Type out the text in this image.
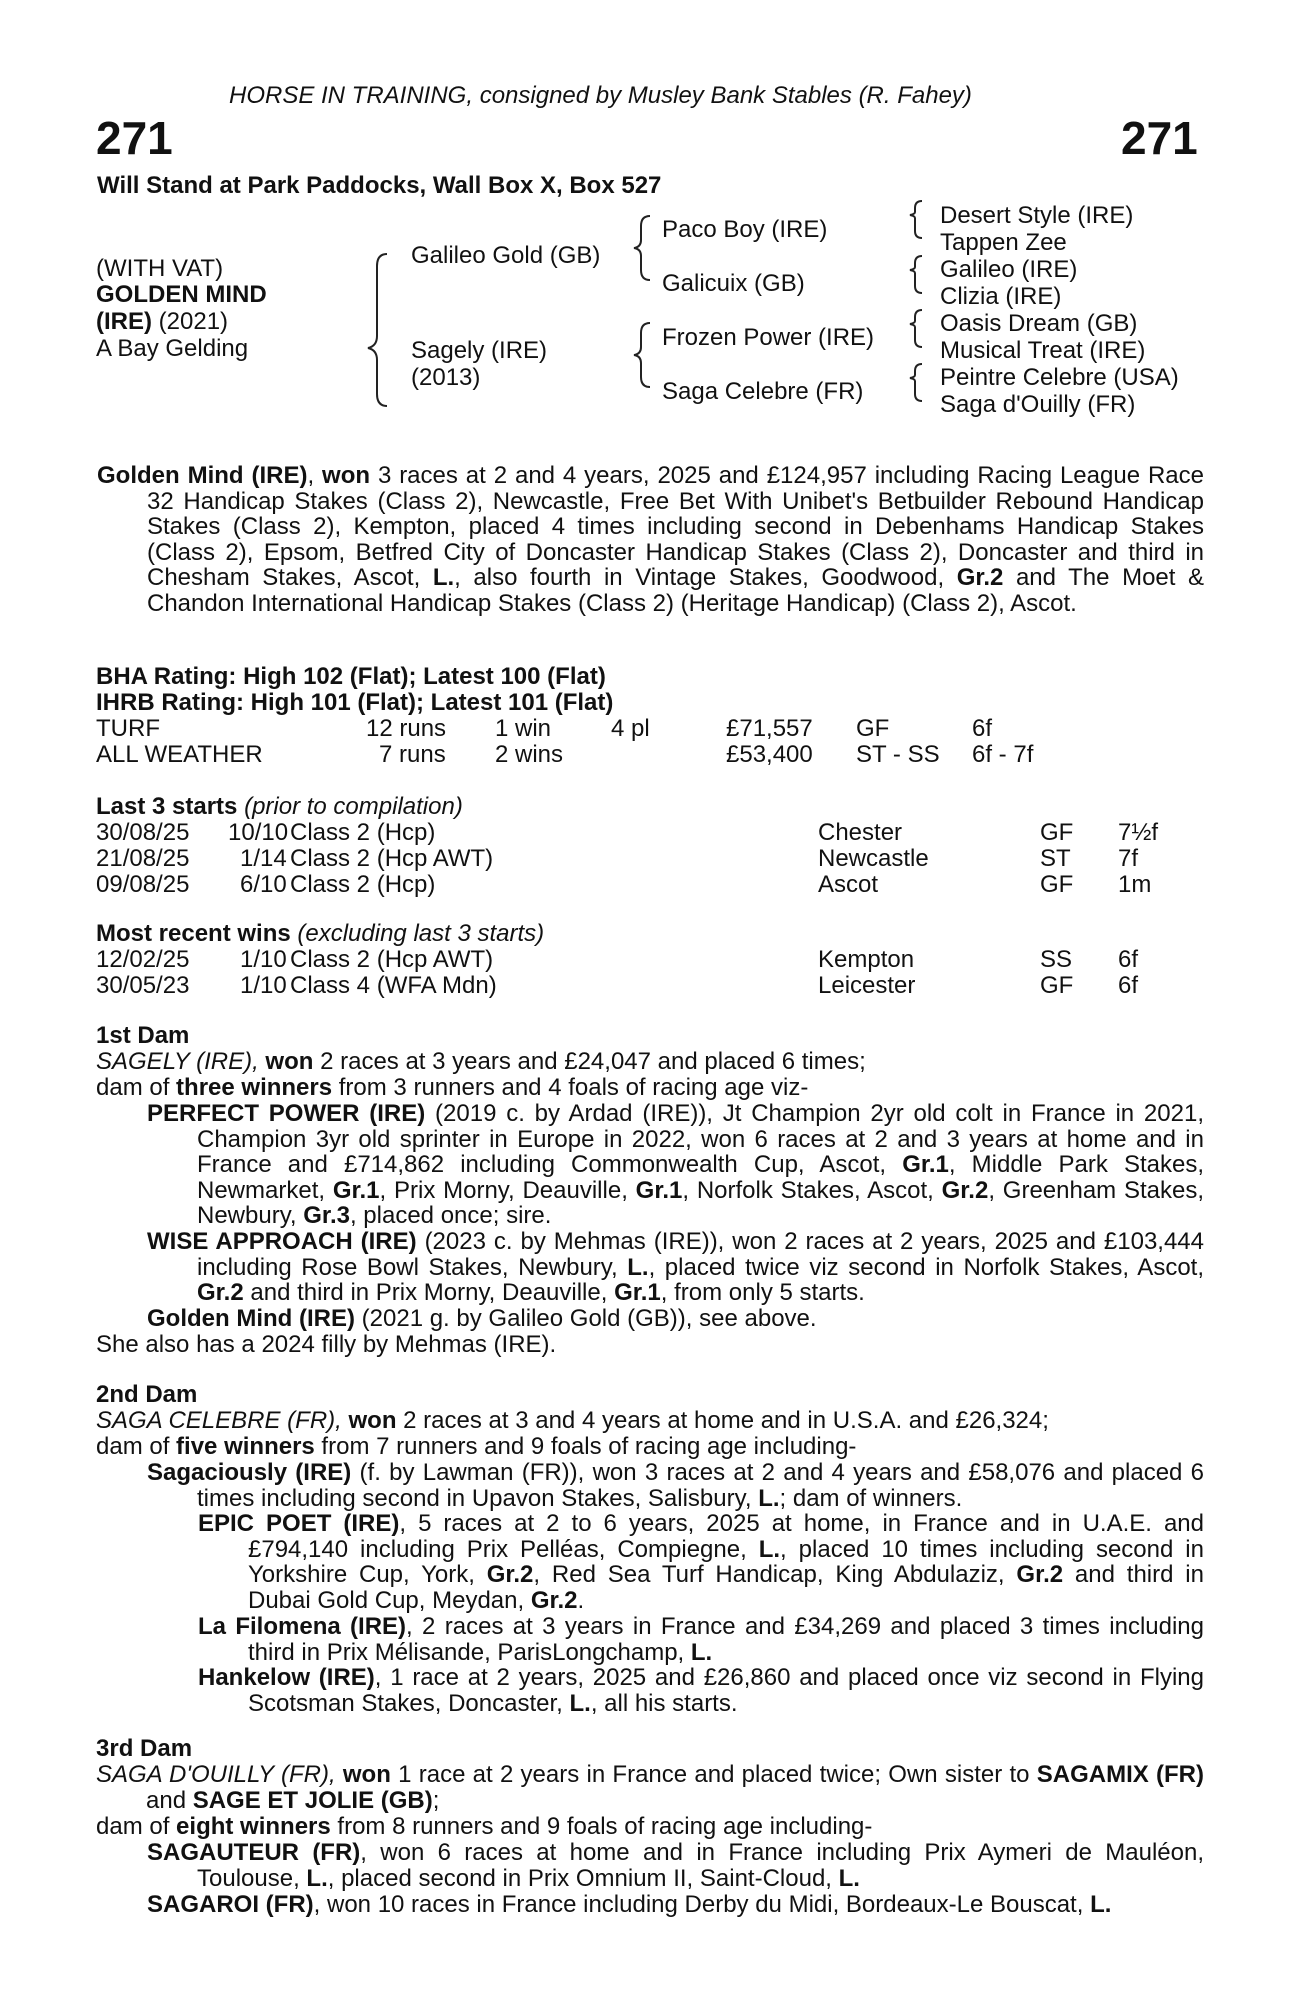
HORSE IN TRAINING, consigned by Musley Bank Stables (R. Fahey)
271	271
Will Stand at Park Paddocks, Wall Box X, Box 527
(WITH VAT)
GOLDEN MIND
(IRE) (2021)
A Bay Gelding
Galileo Gold (GB)
Sagely (IRE)
(2013)
Paco Boy (IRE)
Galicuix (GB)
Frozen Power (IRE)
Saga Celebre (FR)
Desert Style (IRE)
Tappen Zee
Galileo (IRE)
Clizia (IRE)
Oasis Dream (GB)
Musical Treat (IRE)
Peintre Celebre (USA)
Saga d'Ouilly (FR)
Golden Mind (IRE), won 3 races at 2 and 4 years, 2025 and £124,957 including Racing League Race 32 Handicap Stakes (Class 2), Newcastle, Free Bet With Unibet's Betbuilder Rebound Handicap Stakes (Class 2), Kempton, placed 4 times including second in Debenhams Handicap Stakes (Class 2), Epsom, Betfred City of Doncaster Handicap Stakes (Class 2), Doncaster and third in Chesham Stakes, Ascot, L., also fourth in Vintage Stakes, Goodwood, Gr.2 and The Moet & Chandon International Handicap Stakes (Class 2) (Heritage Handicap) (Class 2), Ascot.
BHA Rating: High 102 (Flat); Latest 100 (Flat)
IHRB Rating: High 101 (Flat); Latest 101 (Flat)
TURF	12 runs 1 win 4 pl	£71,557 GF	6f
ALL WEATHER	7 runs 2 wins	£53,400 ST - SS 6f - 7f
Last 3 starts (prior to compilation)
30/08/25 10/10 Class 2 (Hcp)	Chester	GF 7½f
21/08/25 1/14 Class 2 (Hcp AWT)	Newcastle	ST 7f
09/08/25 6/10 Class 2 (Hcp)	Ascot	GF 1m
Most recent wins (excluding last 3 starts)
12/02/25 1/10 Class 2 (Hcp AWT)	Kempton	SS 6f
30/05/23 1/10 Class 4 (WFA Mdn)	Leicester	GF 6f
1st Dam
SAGELY (IRE), won 2 races at 3 years and £24,047 and placed 6 times;
dam of three winners from 3 runners and 4 foals of racing age viz-
PERFECT POWER (IRE) (2019 c. by Ardad (IRE)), Jt Champion 2yr old colt in France in 2021, Champion 3yr old sprinter in Europe in 2022, won 6 races at 2 and 3 years at home and in France and £714,862 including Commonwealth Cup, Ascot, Gr.1, Middle Park Stakes, Newmarket, Gr.1, Prix Morny, Deauville, Gr.1, Norfolk Stakes, Ascot, Gr.2, Greenham Stakes, Newbury, Gr.3, placed once; sire.
WISE APPROACH (IRE) (2023 c. by Mehmas (IRE)), won 2 races at 2 years, 2025 and £103,444 including Rose Bowl Stakes, Newbury, L., placed twice viz second in Norfolk Stakes, Ascot, Gr.2 and third in Prix Morny, Deauville, Gr.1, from only 5 starts.
Golden Mind (IRE) (2021 g. by Galileo Gold (GB)), see above.
She also has a 2024 filly by Mehmas (IRE).
2nd Dam
SAGA CELEBRE (FR), won 2 races at 3 and 4 years at home and in U.S.A. and £26,324;
dam of five winners from 7 runners and 9 foals of racing age including-
Sagaciously (IRE) (f. by Lawman (FR)), won 3 races at 2 and 4 years and £58,076 and placed 6 times including second in Upavon Stakes, Salisbury, L.; dam of winners.
EPIC POET (IRE), 5 races at 2 to 6 years, 2025 at home, in France and in U.A.E. and £794,140 including Prix Pelléas, Compiegne, L., placed 10 times including second in Yorkshire Cup, York, Gr.2, Red Sea Turf Handicap, King Abdulaziz, Gr.2 and third in Dubai Gold Cup, Meydan, Gr.2.
La Filomena (IRE), 2 races at 3 years in France and £34,269 and placed 3 times including third in Prix Mélisande, ParisLongchamp, L.
Hankelow (IRE), 1 race at 2 years, 2025 and £26,860 and placed once viz second in Flying Scotsman Stakes, Doncaster, L., all his starts.
3rd Dam
SAGA D'OUILLY (FR), won 1 race at 2 years in France and placed twice; Own sister to SAGAMIX (FR) and SAGE ET JOLIE (GB);
dam of eight winners from 8 runners and 9 foals of racing age including-
SAGAUTEUR (FR), won 6 races at home and in France including Prix Aymeri de Mauléon, Toulouse, L., placed second in Prix Omnium II, Saint-Cloud, L.
SAGAROI (FR), won 10 races in France including Derby du Midi, Bordeaux-Le Bouscat, L.
